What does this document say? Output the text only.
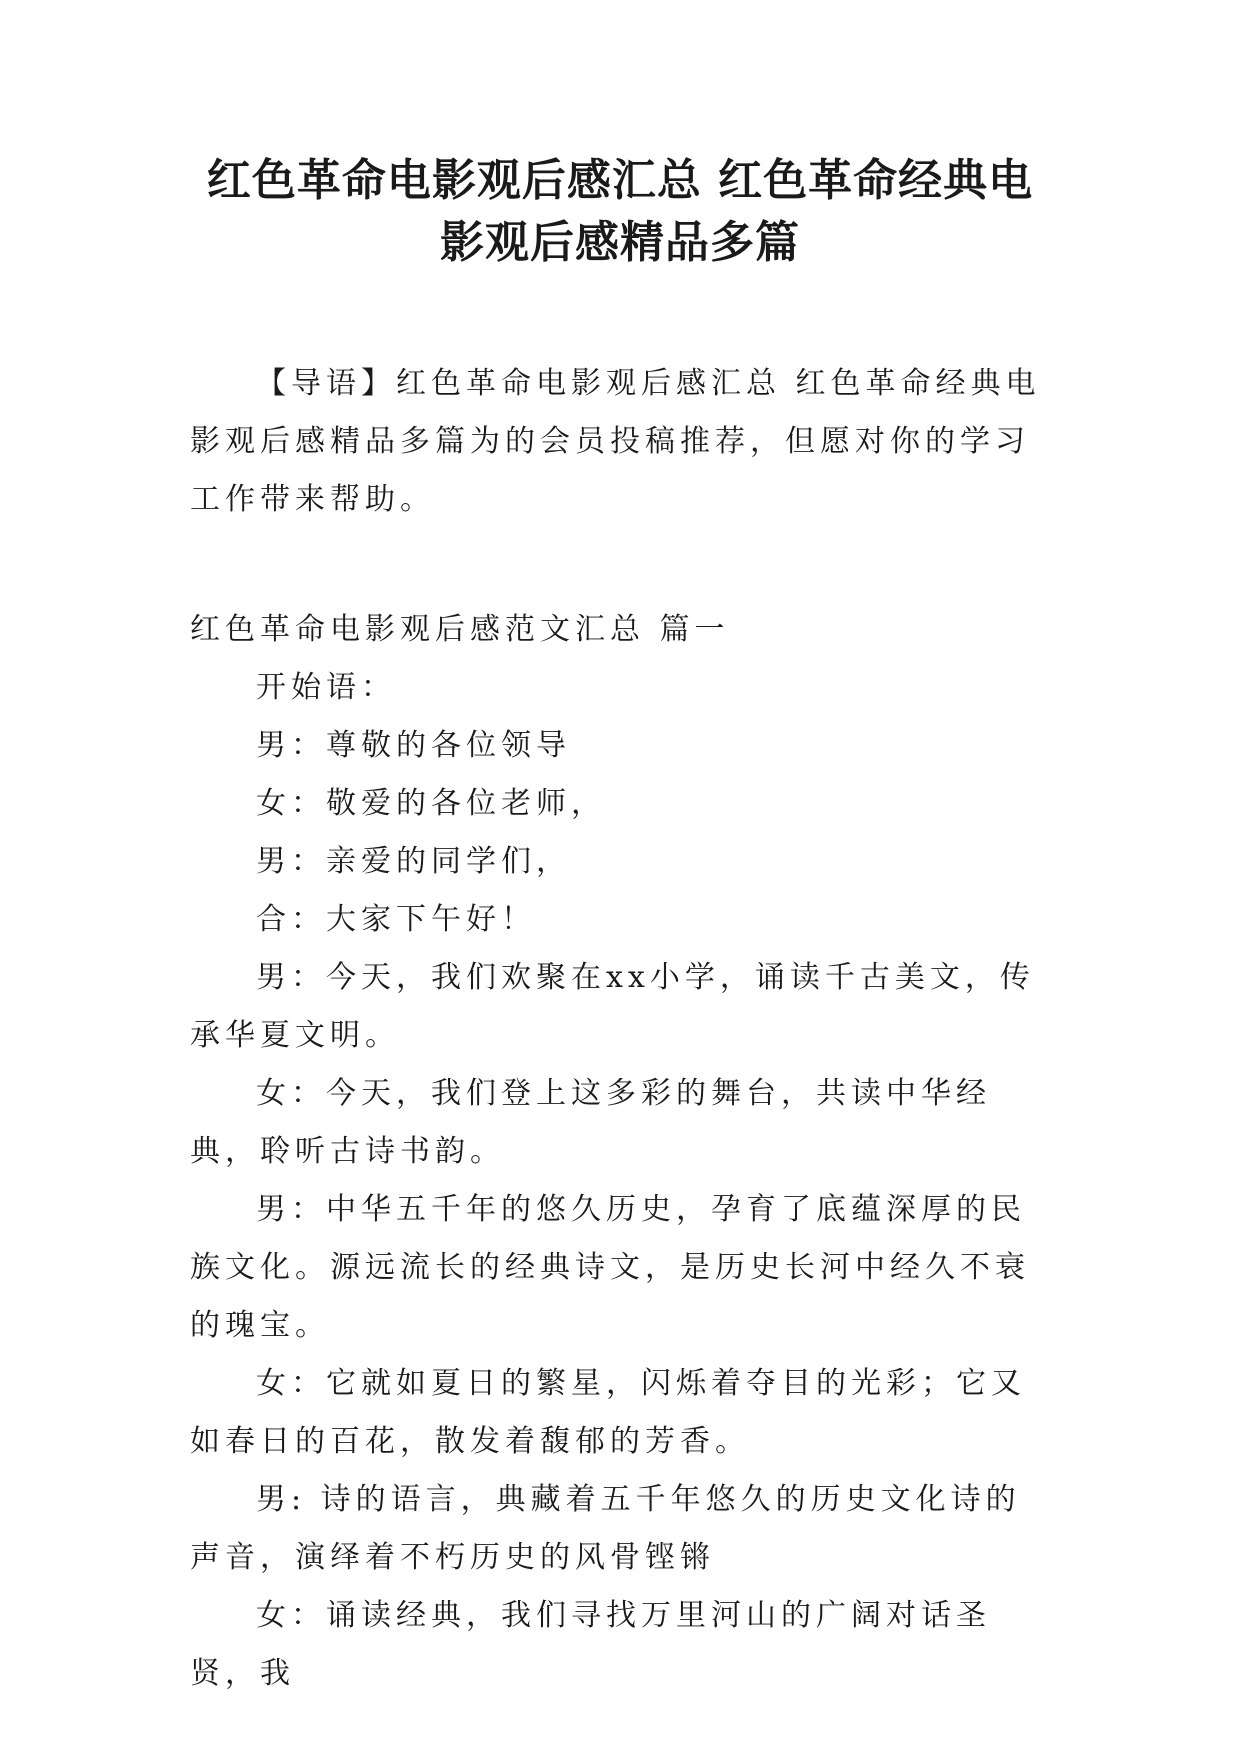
红色革命电影观后感汇总 红色革命经典电
影观后感精品多篇

【导语】红色革命电影观后感汇总 红色革命经典电影观后感精品多篇为的会员投稿推荐，但愿对你的学习工作带来帮助。

红色革命电影观后感范文汇总 篇一

开始语：

男：尊敬的各位领导

女：敬爱的各位老师，

男：亲爱的同学们，

合：大家下午好！

男：今天，我们欢聚在xx小学，诵读千古美文，传承华夏文明。

女：今天，我们登上这多彩的舞台，共读中华经典，聆听古诗书韵。

男：中华五千年的悠久历史，孕育了底蕴深厚的民族文化。源远流长的经典诗文，是历史长河中经久不衰的瑰宝。

女：它就如夏日的繁星，闪烁着夺目的光彩；它又如春日的百花，散发着馥郁的芳香。

男: 诗的语言，典藏着五千年悠久的历史文化诗的声音，演绎着不朽历史的风骨铿锵

女：诵读经典，我们寻找万里河山的广阔对话圣贤，我
